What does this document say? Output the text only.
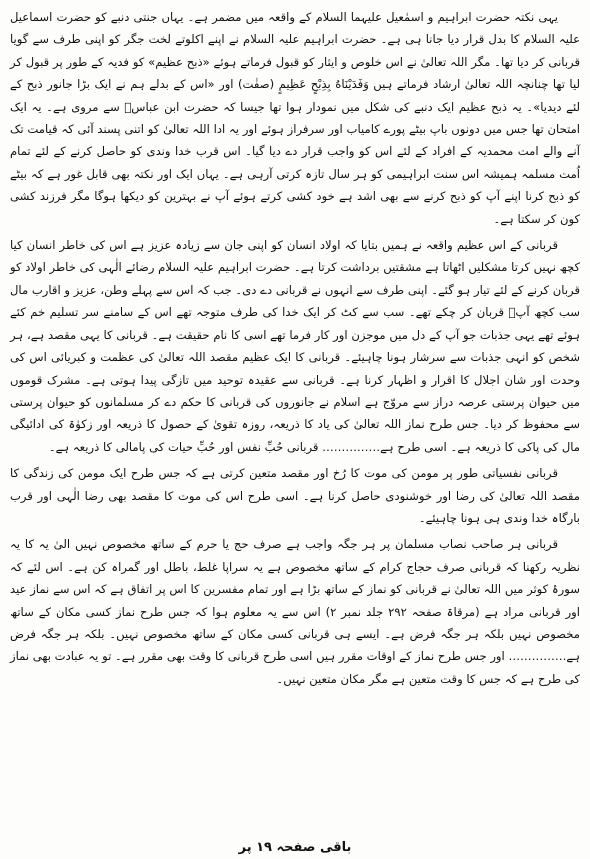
یہی نکتہ حضرت ابراہیم و اسمٰعیل علیہما السلام کے واقعہ میں مضمر ہے۔ یہاں جنتی دنبے کو حضرت اسماعیل علیہ السلام کا بدل قرار دیا جانا ہی ہے۔ حضرت ابراہیم علیہ السلام نے اپنے اکلوتے لخت جگر کو اپنی طرف سے گویا قربانی کر دیا تھا۔ مگر اللہ تعالیٰ نے اس خلوص و ایثار کو قبول فرماتے ہوئے «ذبح عظیم» کو فدیہ کے طور پر قبول کر لیا تھا چنانچہ اللہ تعالیٰ ارشاد فرماتے ہیں وَفَدَيْنَاهُ بِذِبْحٍ عَظِيمٍ (صفٰت) اور «اس کے بدلے ہم نے ایک بڑا جانور ذبح کے لئے دیدیا»۔ یہ ذبح عظیم ایک دنبے کی شکل میں نمودار ہوا تھا جیسا کہ حضرت ابن عباسؓ سے مروی ہے۔ یہ ایک امتحان تھا جس میں دونوں باپ بیٹے پورے کامیاب اور سرفراز ہوئے اور یہ ادا اللہ تعالیٰ کو اتنی پسند آئی کہ قیامت تک آنے والے امت محمدیہ کے افراد کے لئے اس کو واجب قرار دے دیا گیا۔ اس قرب خدا وندی کو حاصل کرنے کے لئے تمام اُمت مسلمہ ہمیشہ اس سنت ابراہیمی کو ہر سال تازہ کرتی آرہی ہے۔ یہاں ایک اور نکتہ بھی قابل غور ہے کہ بیٹے کو ذبح کرنا اپنے آپ کو ذبح کرنے سے بھی اشد ہے خود کشی کرتے ہوئے آپ نے بہترین کو دیکھا ہوگا مگر فرزند کشی کون کر سکتا ہے۔

قربانی کے اس عظیم واقعہ نے ہمیں بتایا کہ اولاد انسان کو اپنی جان سے زیادہ عزیز ہے اس کی خاطر انسان کیا کچھ نہیں کرتا مشکلیں اٹھاتا ہے مشقتیں برداشت کرتا ہے۔ حضرت ابراہیم علیہ السلام رضائے الٰہی کی خاطر اولاد کو قربان کرنے کے لئے تیار ہو گئے۔ اپنی طرف سے انہوں نے قربانی دے دی۔ جب کہ اس سے پہلے وطن، عزیز و اقارب مال سب کچھ آپؑ قربان کر چکے تھے۔ سب سے کٹ کر ایک خدا کی طرف متوجہ تھے اس کے سامنے سر تسلیم خم کئے ہوئے تھے یہی جذبات جو آپ کے دل میں موجزن اور کار فرما تھے اسی کا نام حقیقت ہے۔ قربانی کا یہی مقصد ہے، ہر شخص کو انہی جذبات سے سرشار ہونا چاہیئے۔ قربانی کا ایک عظیم مقصد اللہ تعالیٰ کی عظمت و کبریائی اس کی وحدت اور شان اجلال کا اقرار و اظہار کرنا ہے۔ قربانی سے عقیدہ توحید میں تازگی پیدا ہوتی ہے۔ مشرک قوموں میں حیوان پرستی عرصہ دراز سے مروّج ہے اسلام نے جانوروں کی قربانی کا حکم دے کر مسلمانوں کو حیوان پرستی سے محفوظ کر دیا۔ جس طرح نماز اللہ تعالیٰ کی یاد کا ذریعہ، روزہ تقویٰ کے حصول کا ذریعہ اور زکوٰۃ کی ادائیگی مال کی پاکی کا ذریعہ ہے۔ اسی طرح ہے…………… قربانی حُبِّ نفس اور حُبِّ حیات کی پامالی کا ذریعہ ہے۔

قربانی نفسیاتی طور پر مومن کی موت کا رُخ اور مقصد متعین کرتی ہے کہ جس طرح ایک مومن کی زندگی کا مقصد اللہ تعالیٰ کی رضا اور خوشنودی حاصل کرنا ہے۔ اسی طرح اس کی موت کا مقصد بھی رضا الٰہی اور قرب بارگاہ خدا وندی ہی ہونا چاہیئے۔

قربانی ہر صاحب نصاب مسلمان پر ہر جگہ واجب ہے صرف حج یا حرم کے ساتھ مخصوص نہیں الیٰ یہ کا یہ نظریہ رکھنا کہ قربانی صرف حجاج کرام کے ساتھ مخصوص ہے یہ سراپا غلط، باطل اور گمراہ کن ہے۔ اس لئے کہ سورۂ کوثر میں اللہ تعالیٰ نے قربانی کو نماز کے ساتھ بڑا ہے اور تمام مفسرین کا اس پر اتفاق ہے کہ اس سے نماز عید اور قربانی مراد ہے (مرقاۃ صفحہ ۲۹۲ جلد نمبر ۲) اس سے یہ معلوم ہوا کہ جس طرح نماز کسی مکان کے ساتھ مخصوص نہیں بلکہ ہر جگہ فرض ہے۔ ایسے ہی قربانی کسی مکان کے ساتھ مخصوص نہیں۔ بلکہ ہر جگہ فرض ہے…………… اور جس طرح نماز کے اوقات مقرر ہیں اسی طرح قربانی کا وقت بھی مقرر ہے۔ تو یہ عبادت بھی نماز کی طرح ہے کہ جس کا وقت متعین ہے مگر مکان متعین نہیں۔

باقی صفحہ ۱۹ پر
